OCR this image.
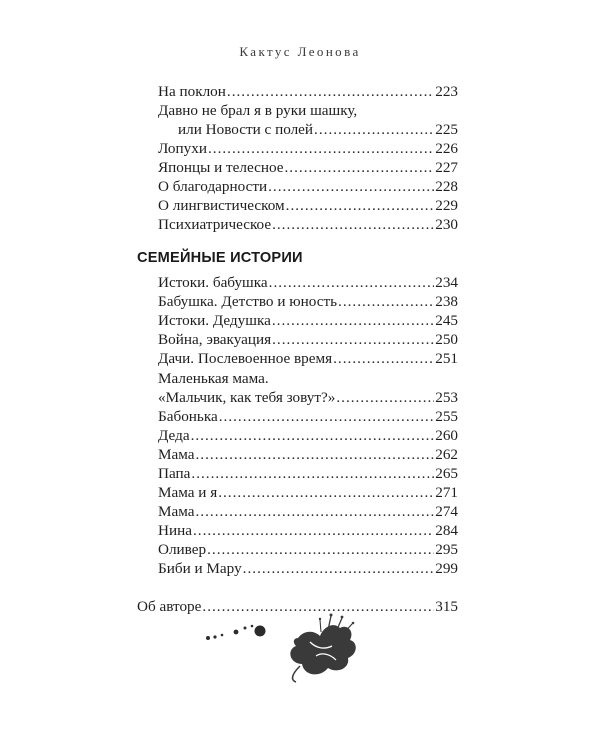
Кактус Леонова
На поклон .....	223
Давно не брал я в руки шашку,
или Новости с полей .....	225
Лопухи .....	226
Японцы и телесное .....	227
О благодарности .....	228
О лингвистическом .....	229
Психиатрическое .....	230
СЕМЕЙНЫЕ ИСТОРИИ
Истоки. бабушка .....	234
Бабушка. Детство и юность .....	238
Истоки. Дедушка .....	245
Война, эвакуация .....	250
Дачи. Послевоенное время .....	251
Маленькая мама.
«Мальчик, как тебя зовут?» .....	253
Бабонька .....	255
Деда .....	260
Мама .....	262
Папа .....	265
Мама и я .....	271
Мама .....	274
Нина .....	284
Оливер .....	295
Биби и Мару .....	299
Об авторе .....	315
